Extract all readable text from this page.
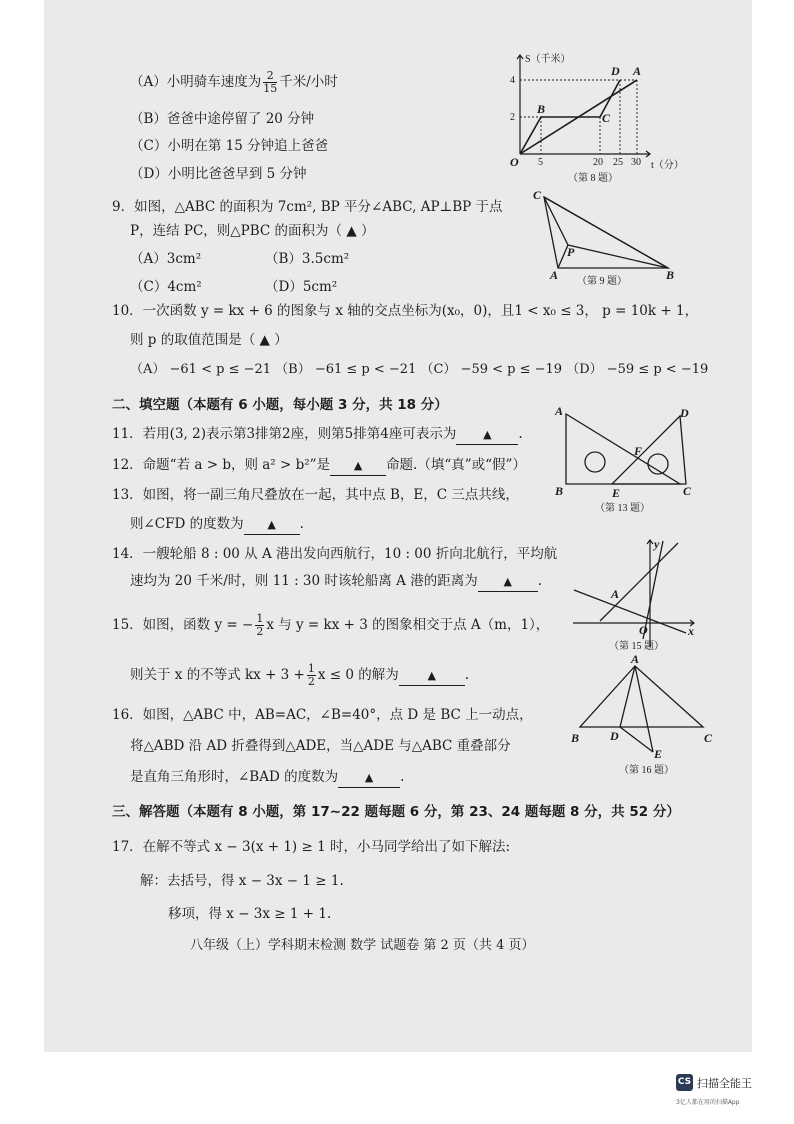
（A）小明骑车速度为 $\frac{2}{15}$ 千米/小时
（B）爸爸中途停留了 20 分钟
（C）小明在第 15 分钟追上爸爸
（D）小明比爸爸早到 5 分钟
S（千米）
t（分）
O
4
2
5	20 25 30
B
C
D A
（第 8 题）
9．如图，△ABC 的面积为 7cm², BP 平分∠ABC, AP⊥BP 于点
P，连结 PC，则△PBC 的面积为（ ▲ ）
（A）3cm²	（B）3.5cm²
（C）4cm²	（D）5cm²
C
P
A	B
（第 9 题）
10．一次函数 y = kx + 6 的图象与 x 轴的交点坐标为(x₀，0)，且1 < x₀ ≤ 3， p = 10k + 1，
则 p 的取值范围是（ ▲ ）
（A） −61 < p ≤ −21 （B） −61 ≤ p < −21 （C） −59 < p ≤ −19 （D） −59 ≤ p < −19
二、填空题（本题有 6 小题，每小题 3 分，共 18 分）
11．若用(3, 2)表示第3排第2座，则第5排第4座可表示为 ▲ .
12．命题“若 a > b，则 a² > b²”是 ▲ 命题.（填“真”或“假”）
13．如图，将一副三角尺叠放在一起，其中点 B，E，C 三点共线，
则∠CFD 的度数为 ▲ .
A	D
F
B	E	C
（第 13 题）
14．一艘轮船 8 : 00 从 A 港出发向西航行，10 : 00 折向北航行，平均航
速均为 20 千米/时，则 11 : 30 时该轮船离 A 港的距离为 ▲ .
15．如图，函数 y = − $\frac{1}{2}$ x 与 y = kx + 3 的图象相交于点 A（m，1），
则关于 x 的不等式 kx + $3 + \frac{1}{2}$ x ≤ 0 的解为	▲ .
y
A
O	x
（第 15 题）
16．如图，△ABC 中，AB=AC，∠B=40°，点 D 是 BC 上一动点，
将△ABD 沿 AD 折叠得到△ADE，当△ADE 与△ABC 重叠部分
是直角三角形时，∠BAD 的度数为 ▲ .
A
B	D	C
E
（第 16 题）
三、解答题（本题有 8 小题，第 17∼22 题每题 6 分，第 23、24 题每题 8 分，共 52 分）
17．在解不等式 x − 3(x + 1) ≥ 1 时，小马同学给出了如下解法:
解：去括号，得 x − 3x − 1 ≥ 1.
移项，得 x − 3x ≥ 1 + 1.
八年级（上）学科期末检测 数学 试题卷 第 2 页（共 4 页）
CS 扫描全能王
3亿人都在用的扫描App
